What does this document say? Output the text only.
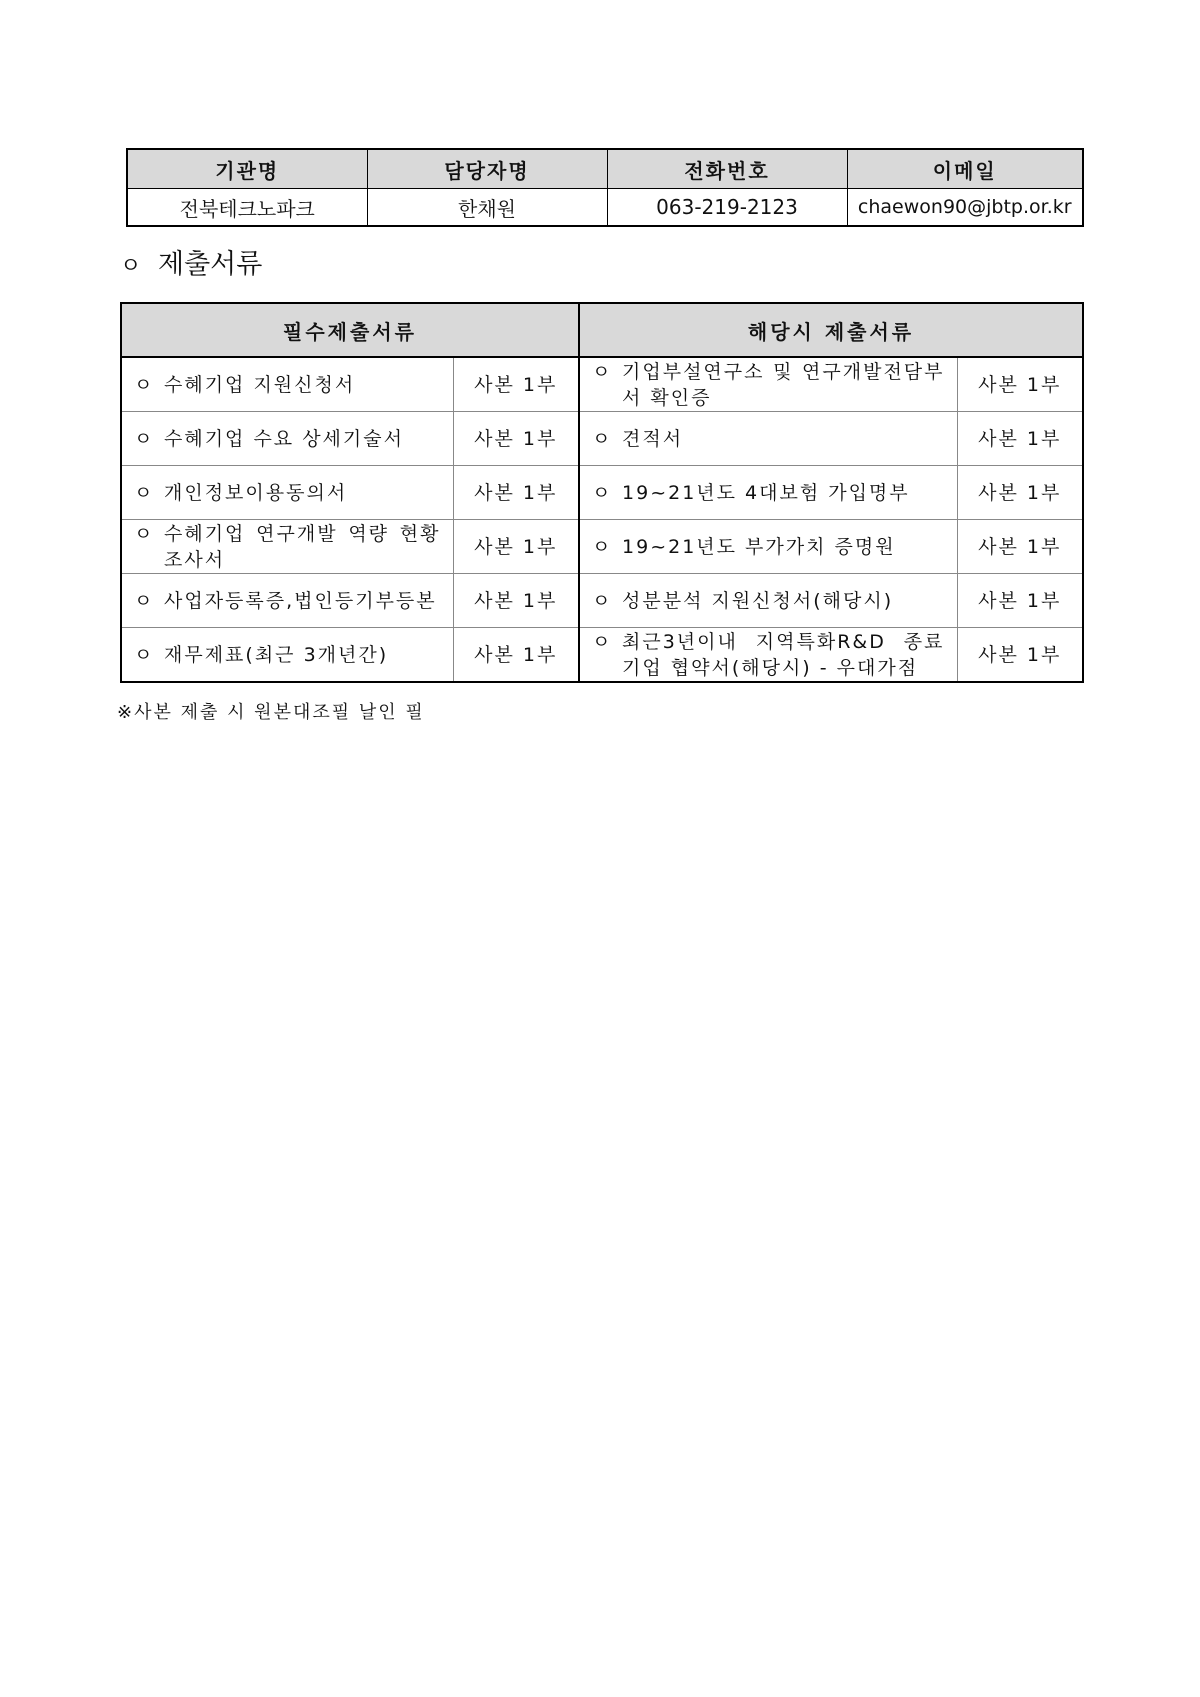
기관명	담당자명	전화번호	이메일
전북테크노파크	한채원	063-219-2123	chaewon90@jbtp.or.kr
ㅇ 제출서류
필수제출서류		해당시 제출서류	

ㅇ 수혜기업 지원신청서	사본 1부	ㅇ 기업부설연구소 및 연구개발전담부서 확인증	사본 1부

ㅇ 수혜기업 수요 상세기술서	사본 1부	ㅇ 견적서	사본 1부

ㅇ 개인정보이용동의서	사본 1부	ㅇ 19~21년도 4대보험 가입명부	사본 1부

ㅇ 수혜기업 연구개발 역량 현황조사서	사본 1부	ㅇ 19~21년도 부가가치 증명원	사본 1부

ㅇ 사업자등록증,법인등기부등본	사본 1부	ㅇ 성분분석 지원신청서(해당시)	사본 1부

ㅇ 재무제표(최근 3개년간)	사본 1부	ㅇ 최근3년이내 지역특화R&D 종료기업 협약서(해당시) - 우대가점	사본 1부
※사본 제출 시 원본대조필 날인 필
